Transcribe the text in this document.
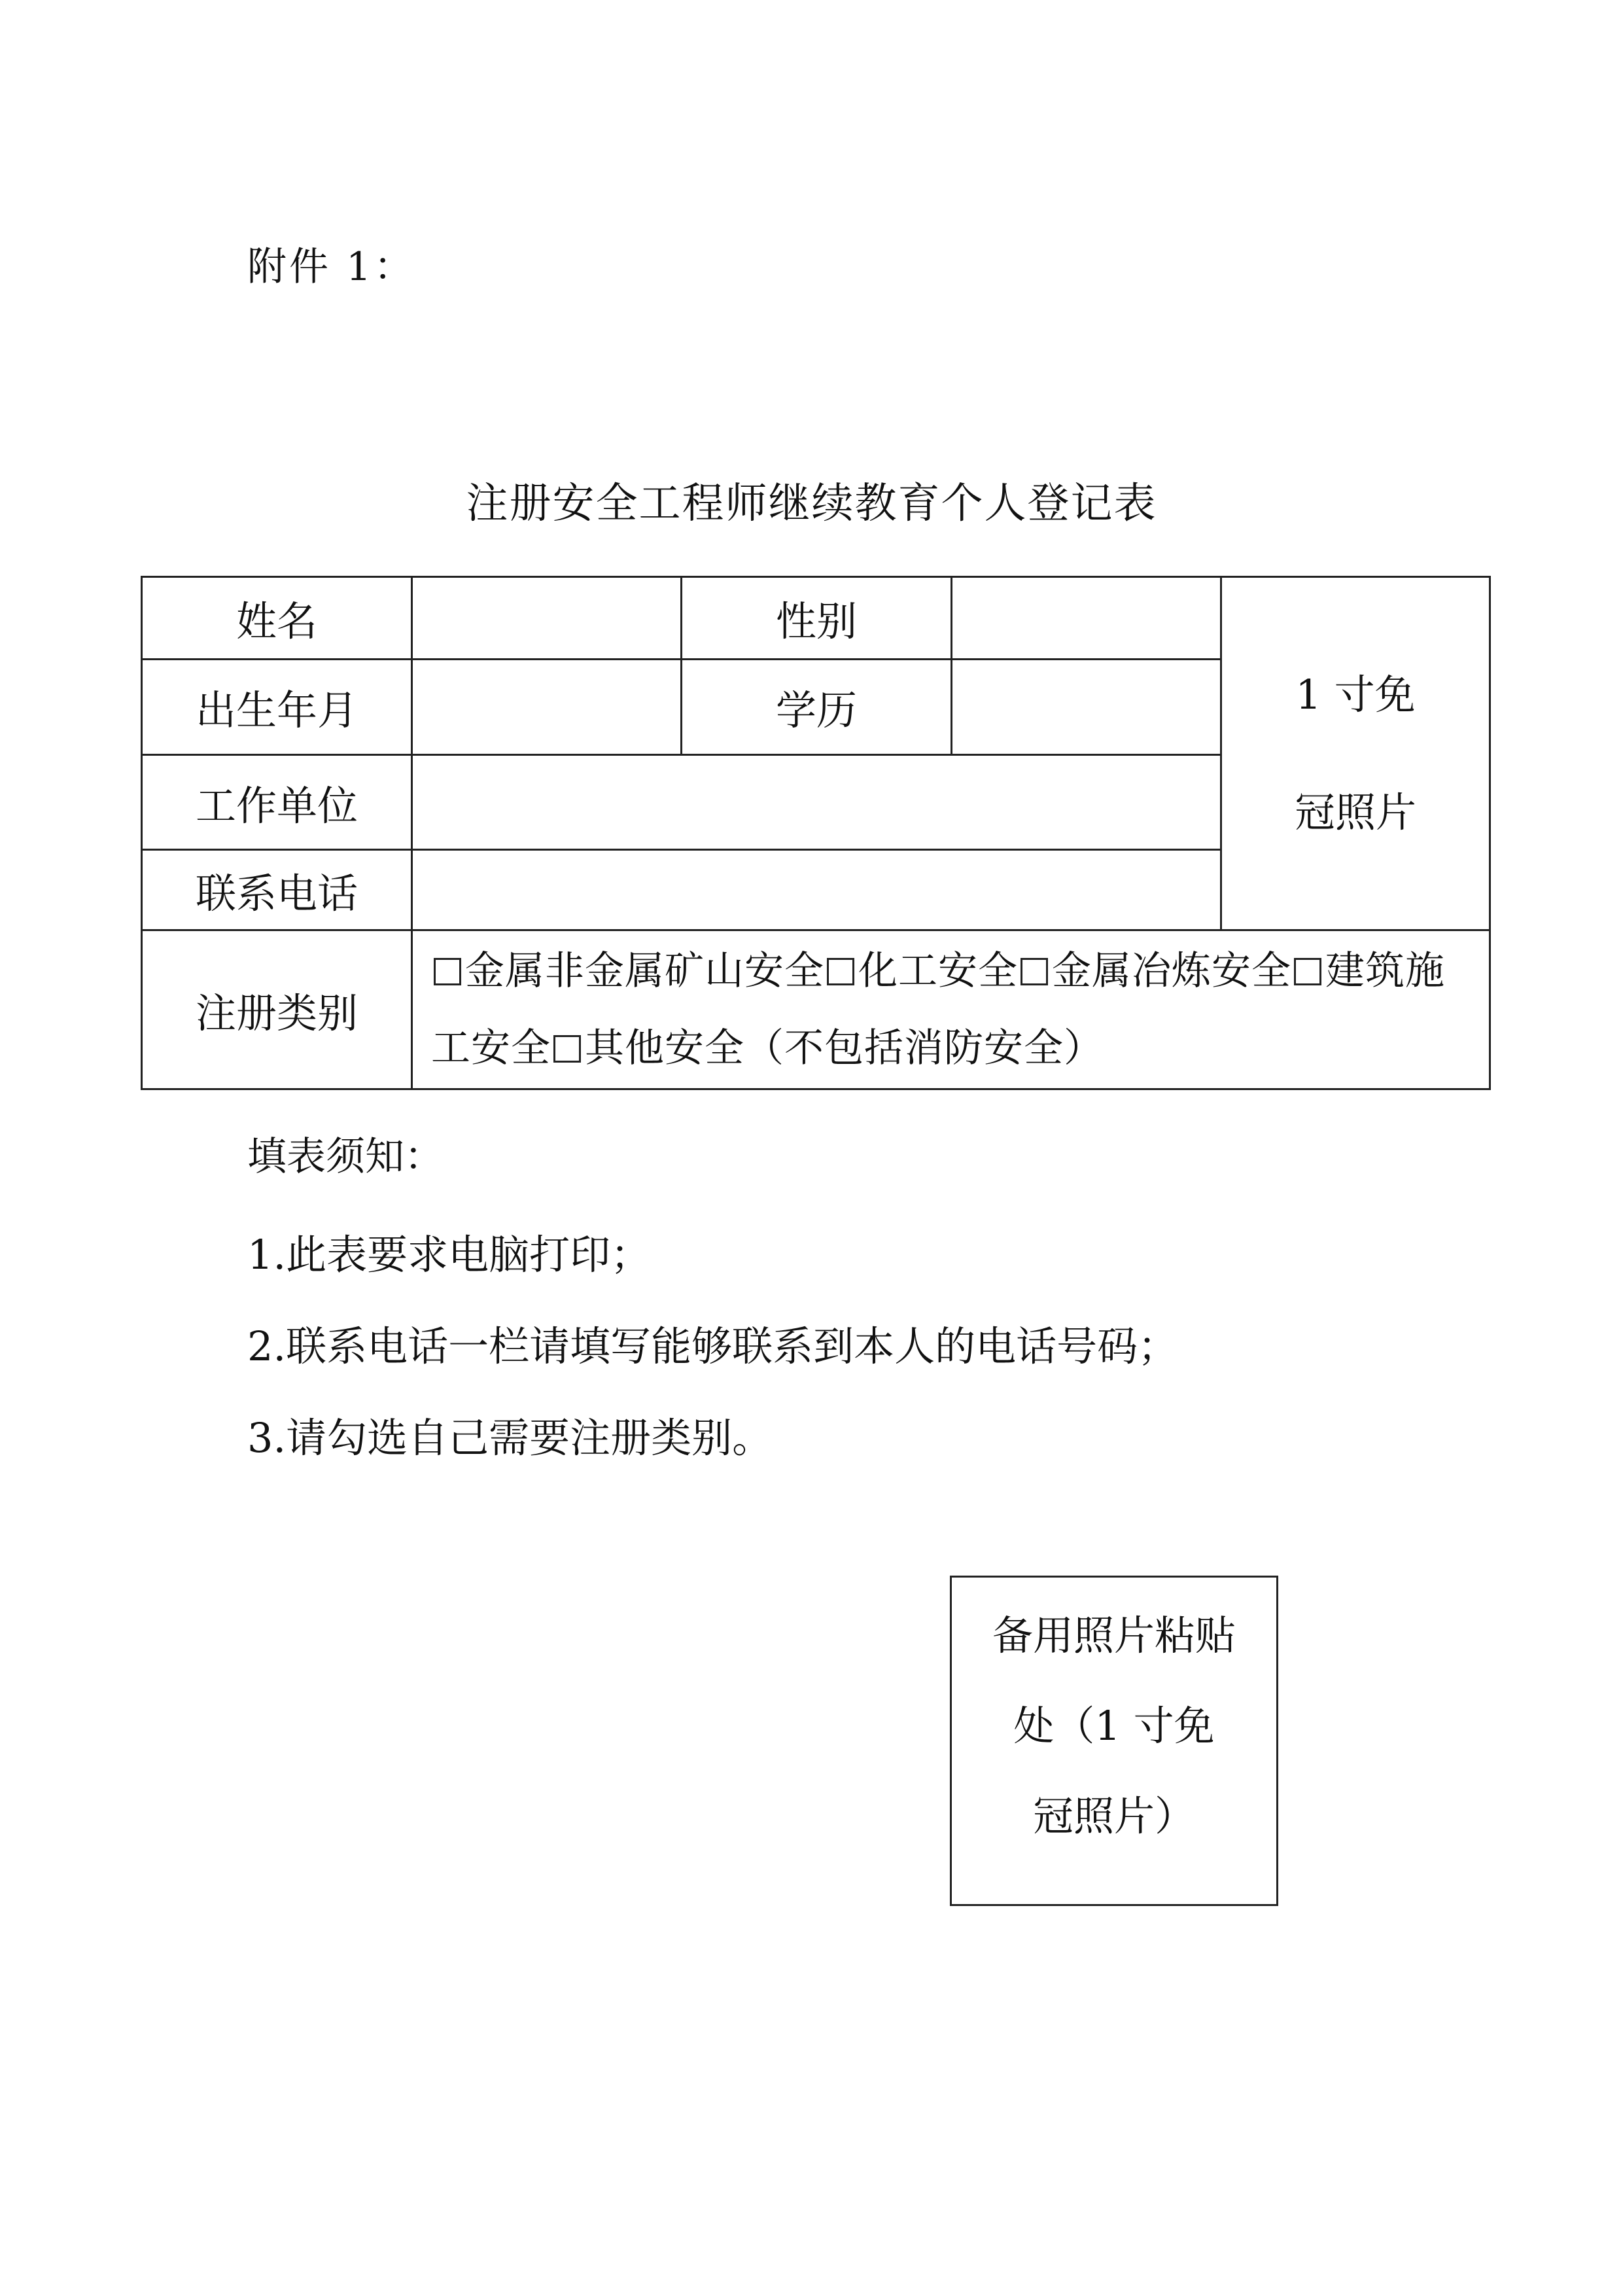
附件 1：
注册安全工程师继续教育个人登记表
姓名		性别		1 寸免
冠照片

出生年月		学历		
工作单位				
联系电话				
注册类别	金属非金属矿山安全 化工安全 金属冶炼安全 建筑施工安全 其他安全（不包括消防安全）			
填表须知：
1.此表要求电脑打印；
2.联系电话一栏请填写能够联系到本人的电话号码；
3.请勾选自己需要注册类别。
备用照片粘贴
处（1 寸免
冠照片）
